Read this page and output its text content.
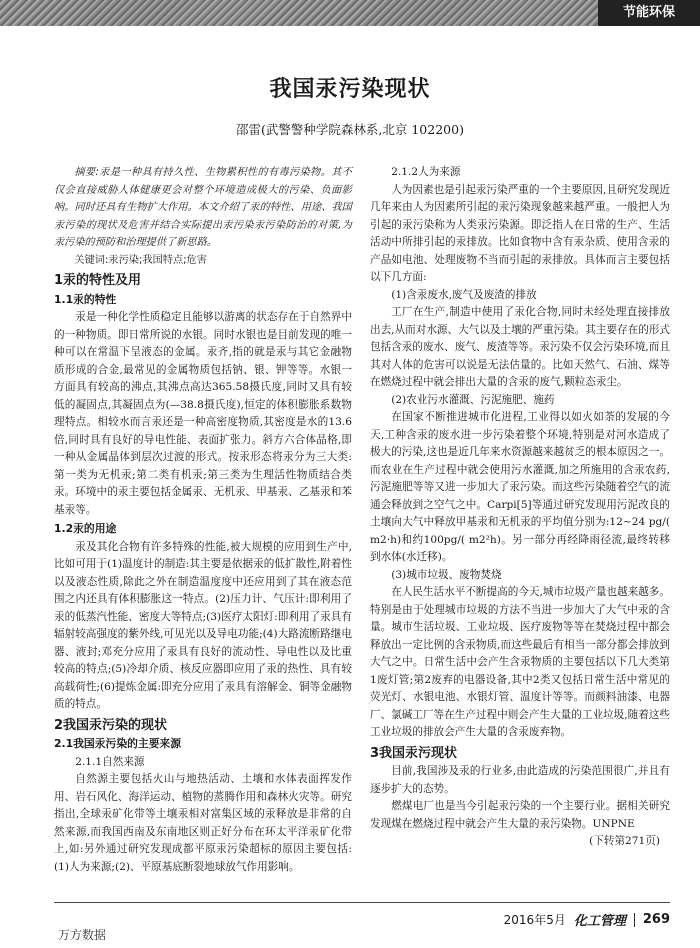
节能环保
我国汞污染现状
邵雷(武警警种学院森林系,北京 102200)

摘要:汞是一种具有持久性、生物累积性的有毒污染物。其不仅会直接威胁人体健康更会对整个环境造成极大的污染、负面影响。同时还具有生物扩大作用。本文介绍了汞的特性、用途、我国汞污染的现状及危害并结合实际提出汞污染汞污染防治的对策,为汞污染的预防和治理提供了新思路。

关键词:汞污染;我国特点;危害

1汞的特性及用

1.1汞的特性

汞是一种化学性质稳定且能够以游离的状态存在于自然界中的一种物质。即日常所说的水银。同时水银也是目前发现的唯一种可以在常温下呈液态的金属。汞齐,指的就是汞与其它金融物质形成的合金,最常见的金属物质包括钠、银、钾等等。水银一方面具有较高的沸点,其沸点高达365.58摄氏度,同时又具有较低的凝固点,其凝固点为(—38.8摄氏度),恒定的体积膨胀系数物理特点。相较水而言汞还是一种高密度物质,其密度是水的13.6倍,同时具有良好的导电性能、表面扩张力。斜方六合体晶格,即一种从金属晶体到层次过渡的形式。按汞形态将汞分为三大类:第一类为无机汞;第二类有机汞;第三类为生理活性物质结合类汞。环境中的汞主要包括金属汞、无机汞、甲基汞、乙基汞和苯基汞等。

1.2汞的用途

汞及其化合物有许多特殊的性能,被大规模的应用到生产中,比如可用于(1)温度计的制造:其主要是依据汞的低扩散性,附着性以及液态性质,除此之外在制造温度度中还应用到了其在液态范围之内还具有体积膨胀这一特点。(2)压力计、气压计:即利用了汞的低蒸汽性能、密度大等特点;(3)医疗太阳灯:即利用了汞具有辐射较高强度的紫外线,可见光以及导电功能;(4)大路流断路继电器、液封;邓充分应用了汞具有良好的流动性、导电性以及比重较高的特点;(5)冷却介质、核反应器即应用了汞的热性、具有较高载荷性;(6)提炼金属:即充分应用了汞具有溶解金、铜等金融物质的特点。

2我国汞污染的现状

2.1我国汞污染的主要来源

2.1.1自然来源

自然源主要包括火山与地热活动、土壤和水体表面挥发作用、岩石风化、海洋运动、植物的蒸腾作用和森林火灾等。研究指出,全球汞矿化带等土壤汞相对富集区域的汞释放是非常的自然来源,而我国西南及东南地区则正好分布在环太平洋汞矿化带上,如:另外通过研究发现成都平原汞污染超标的原因主要包括:(1)人为来源;(2)、平原基底断裂地球放气作用影响。

2.1.2人为来源

人为因素也是引起汞污染严重的一个主要原因,且研究发现近几年来由人为因素所引起的汞污染现象越来越严重。一般把人为引起的汞污染称为人类汞污染源。即泛指人在日常的生产、生活活动中所排引起的汞排放。比如食物中含有汞杂质、使用含汞的产品如电池、处理废物不当而引起的汞排放。具体而言主要包括以下几方面:

(1)含汞废水,废气及废渣的排放

工厂在生产,制造中使用了汞化合物,同时未经处理直接排放出去,从而对水源、大气以及土壤的严重污染。其主要存在的形式包括含汞的废水、废气、废渣等等。汞污染不仅会污染环境,而且其对人体的危害可以说是无法估量的。比如天然气、石油、煤等在燃烧过程中就会排出大量的含汞的废气,颗粒态汞尘。

(2)农业污水灌溉、污泥施肥、施药

在国家不断推进城市化进程,工业得以如火如荼的发展的今天,工种含汞的废水进一步污染着整个环境,特别是对河水造成了极大的污染,这也是近几年来水资源越来越贫乏的根本原因之一。而农业在生产过程中就会使用污水灌溉,加之所施用的含汞农药,污泥施肥等等又进一步加大了汞污染。而这些污染随着空气的流通会释放到之空气之中。Carpi[5]等通过研究发现用污泥改良的土壤向大气中释放甲基汞和无机汞的平均值分别为:12~24 pg/( m2·h)和约100pg/( m2²h)。另一部分再经降雨径流,最终转移到水体(水迁移)。

(3)城市垃圾、废物焚烧

在人民生活水平不断提高的今天,城市垃圾产量也越来越多。特别是由于处理城市垃圾的方法不当进一步加大了大气中汞的含量。城市生活垃圾、工业垃圾、医疗废物等等在焚烧过程中都会释放出一定比例的含汞物质,而这些最后有相当一部分都会排放到大气之中。日常生活中会产生含汞物质的主要包括以下几大类第1废灯管;第2废弃的电器设备,其中2类又包括日常生活中常见的荧光灯、水银电池、水银灯管、温度计等等。而颜料油漆、电器厂、氯碱工厂等在生产过程中则会产生大量的工业垃圾,随着这些工业垃圾的排放会产生大量的含汞废弃物。

3我国汞污现状

目前,我国涉及汞的行业多,由此造成的污染范围很广,并且有逐步扩大的态势。

燃煤电厂也是当今引起汞污染的一个主要行业。据相关研究发现煤在燃烧过程中就会产生大量的汞污染物。UNPNE

(下转第271页)

2016年5月 化工管理 269
万方数据
